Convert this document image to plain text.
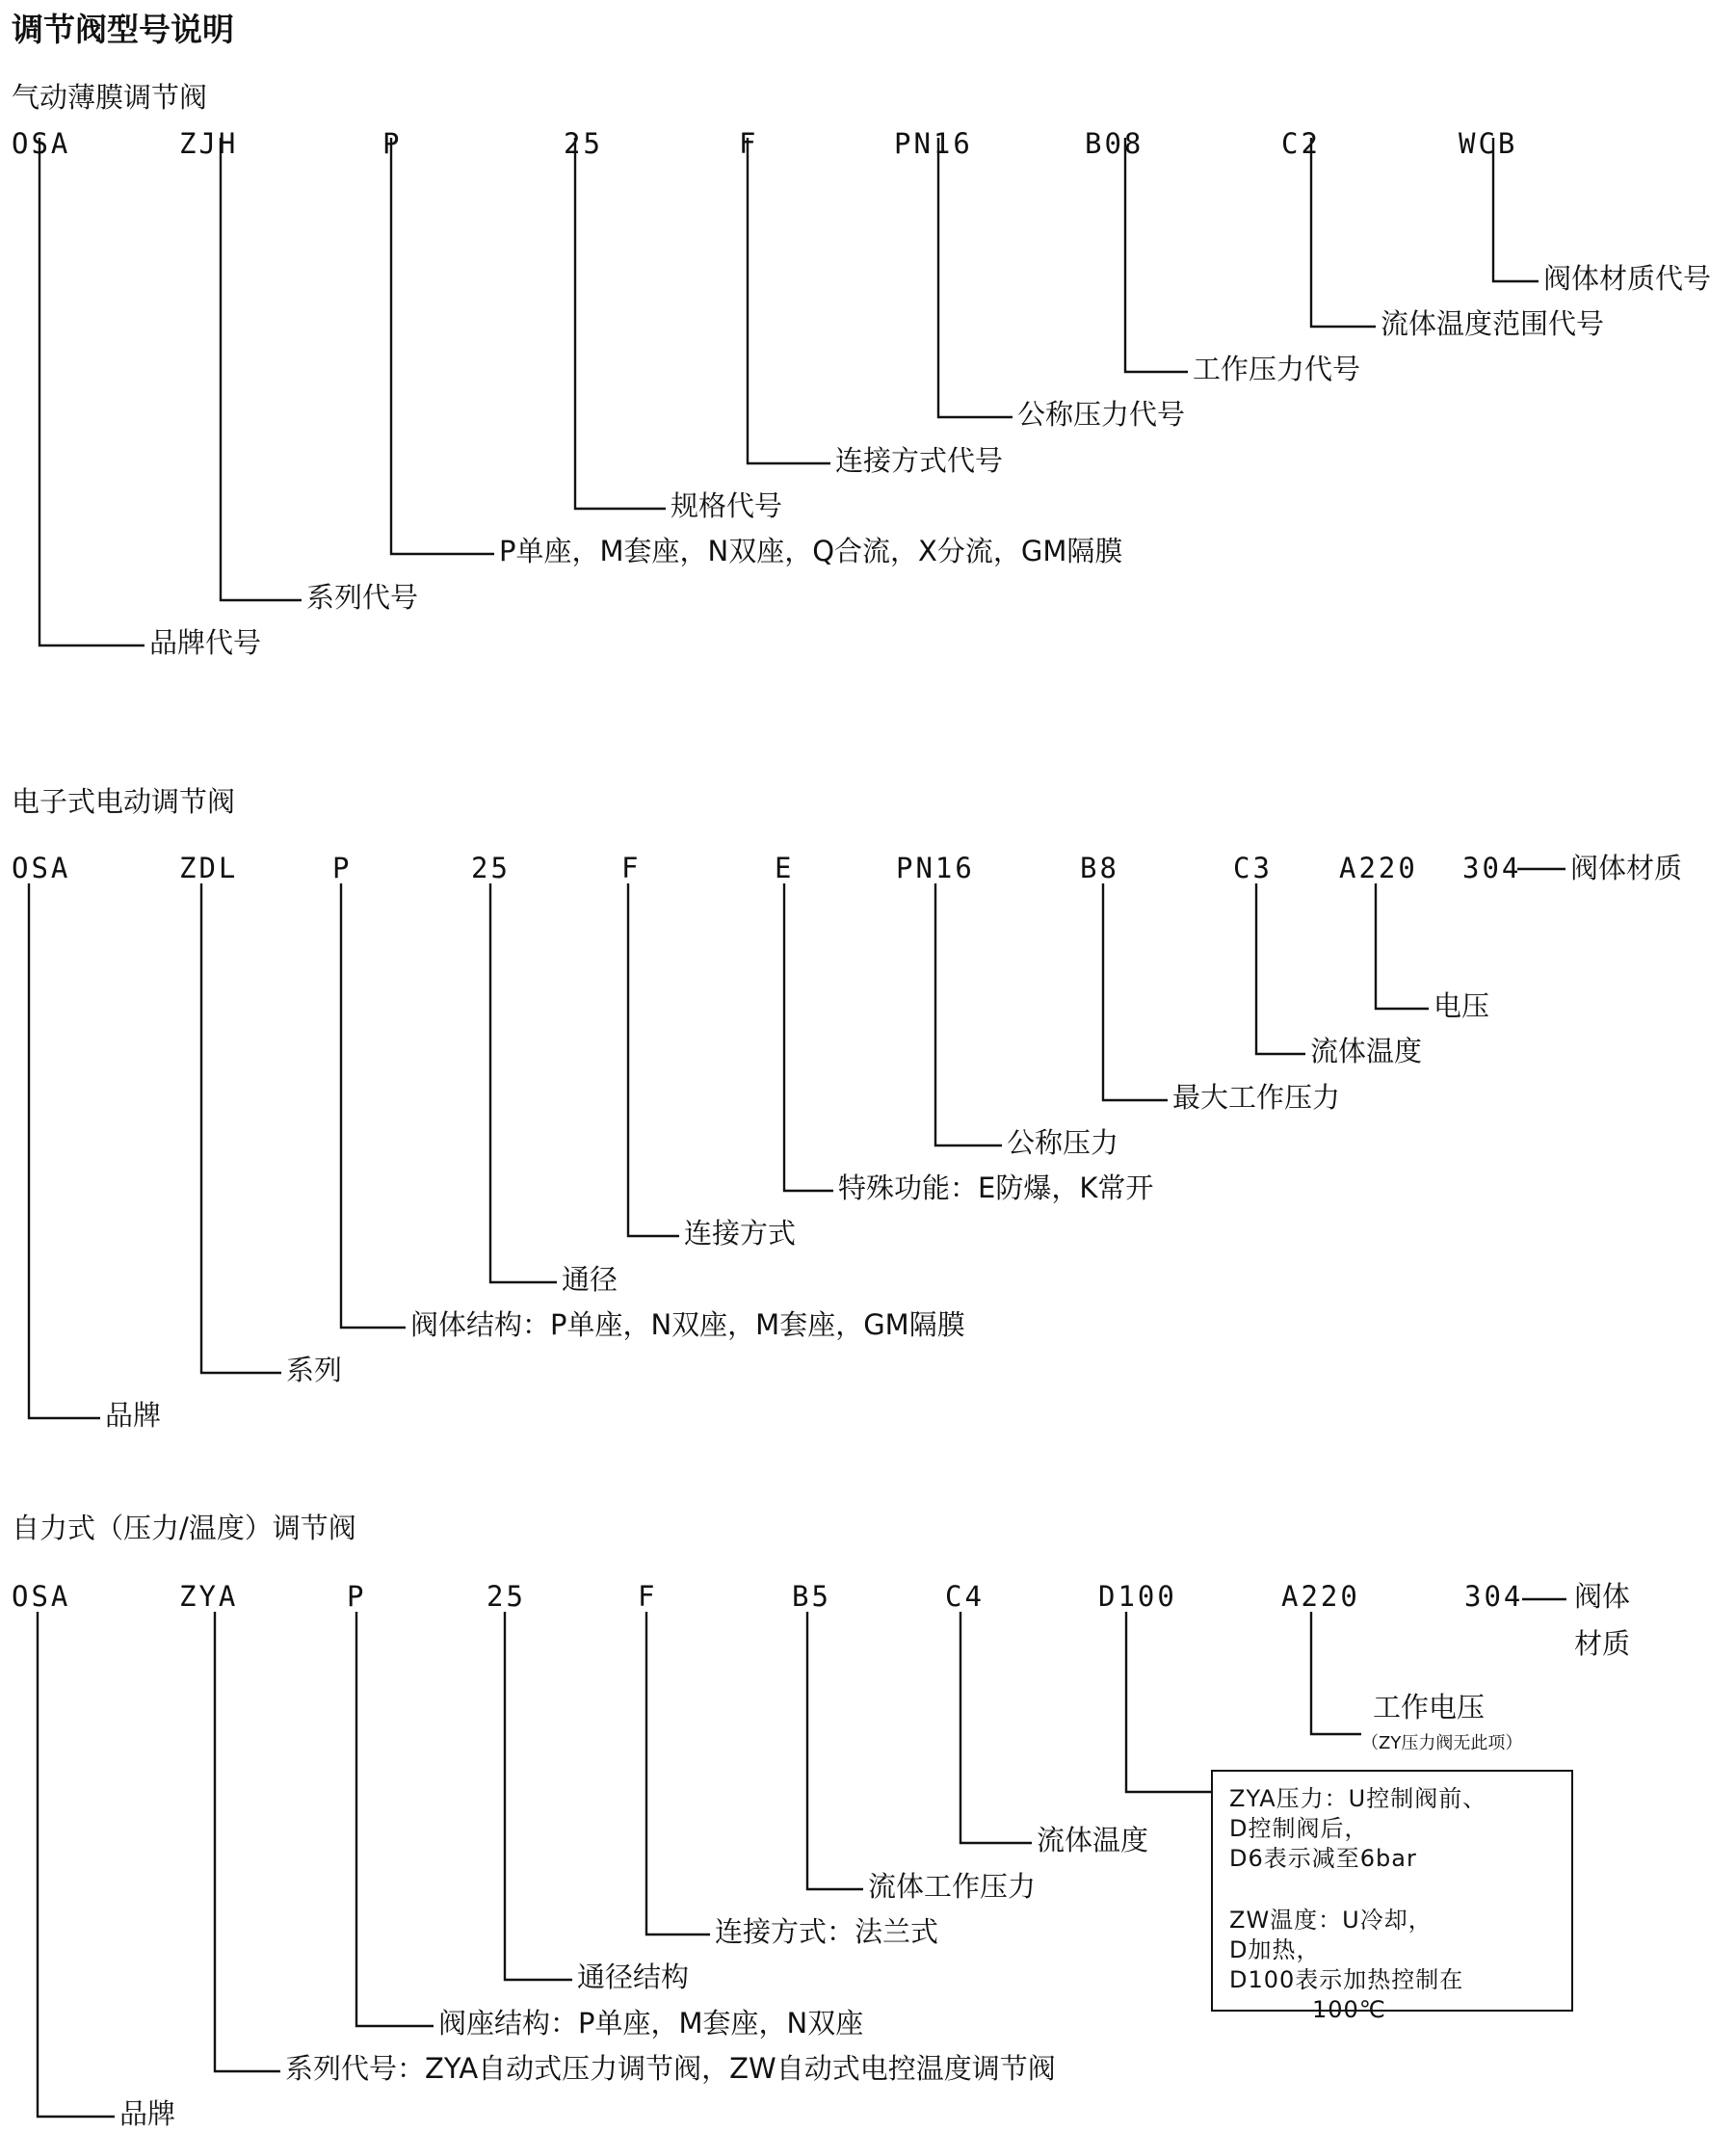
调节阀型号说明
气动薄膜调节阀
OSA	ZJH	P	25	F	PN16	B08	C2	WCB
品牌代号
系列代号
P单座，M套座，N双座，Q合流，X分流，GM隔膜
规格代号
连接方式代号
公称压力代号
工作压力代号
流体温度范围代号
阀体材质代号
电子式电动调节阀
OSA	ZDL	P	25	F	E	PN16	B8	C3 A220 304 阀体材质
品牌
系列
阀体结构：P单座，N双座，M套座，GM隔膜
通径
连接方式
特殊功能：E防爆，K常开
公称压力
最大工作压力
流体温度
电压
自力式（压力/温度）调节阀
OSA	ZYA	P	25	F	B5	C4	D100	A220	304 阀体
材质
品牌
系列代号：ZYA自动式压力调节阀，ZW自动式电控温度调节阀
阀座结构：P单座，M套座，N双座
通径结构
连接方式：法兰式
流体工作压力
流体温度
工作电压
（ZY压力阀无此项）
ZYA压力：U控制阀前、
D控制阀后，
D6表示减至6bar
ZW温度：U冷却，
D加热，
D100表示加热控制在
100℃
